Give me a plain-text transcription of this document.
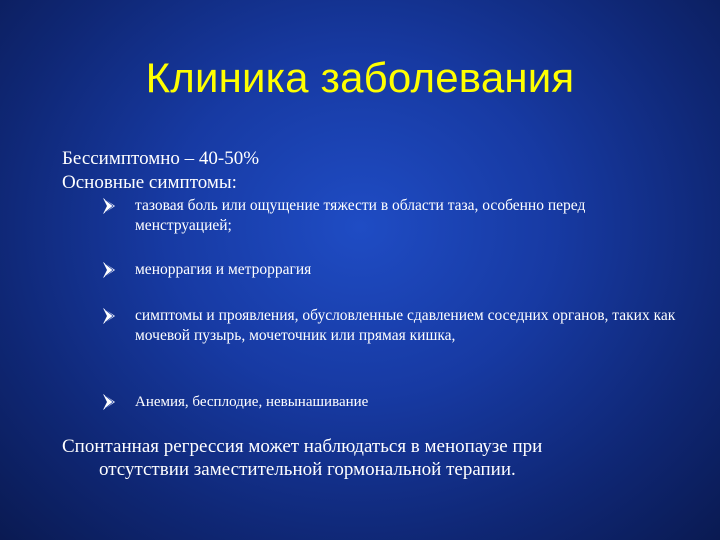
Клиника заболевания
Бессимптомно – 40-50%
Основные симптомы:
тазовая боль или ощущение тяжести в области таза, особенно перед менструацией;
меноррагия и метроррагия
симптомы и проявления, обусловленные сдавлением соседних органов, таких как мочевой пузырь, мочеточник или прямая кишка,
Анемия, бесплодие, невынашивание
Спонтанная регрессия может наблюдаться в менопаузе при
отсутствии заместительной гормональной терапии.
